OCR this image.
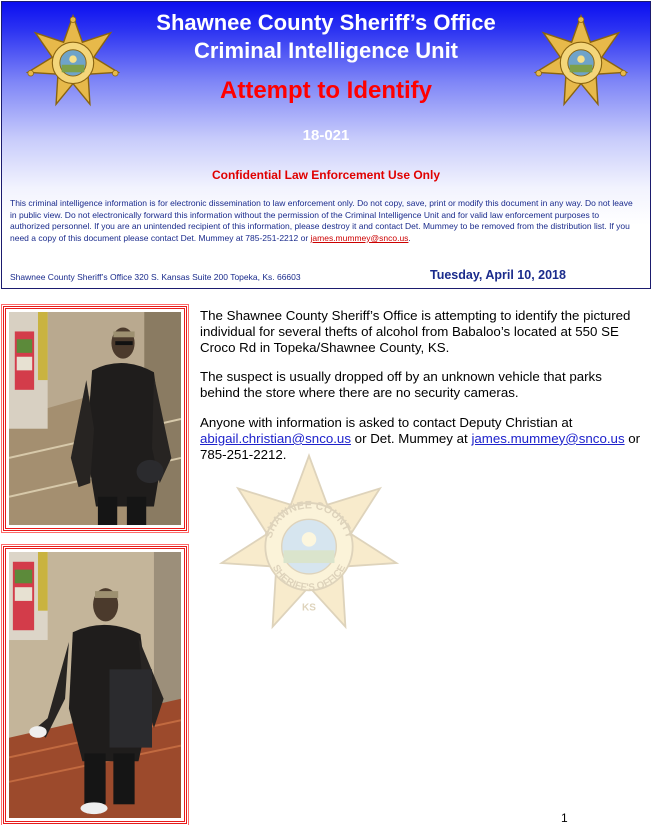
Shawnee County Sheriff’s Office
Criminal Intelligence Unit
Attempt to Identify
18-021
Confidential Law Enforcement Use Only
This criminal intelligence information is for electronic dissemination to law enforcement only. Do not copy, save, print or modify this document in any way. Do not leave in public view. Do not electronically forward this information without the permission of the Criminal Intelligence Unit and for valid law enforcement purposes to authorized personnel. If you are an unintended recipient of this information, please destroy it and contact Det. Mummey to be removed from the distribution list. If you need a copy of this document please contact Det. Mummey at 785-251-2212 or james.mummey@snco.us.
Shawnee County Sheriff’s Office 320 S. Kansas Suite 200 Topeka, Ks. 66603	Tuesday, April 10, 2018
SHAWNEE COUNTY
SHERIFF'S OFFICE
KS

The Shawnee County Sheriff’s Office is attempting to identify the pictured individual for several thefts of alcohol from Babaloo’s located at 550 SE Croco Rd in Topeka/Shawnee County, KS.

The suspect is usually dropped off by an unknown vehicle that parks behind the store where there are no security cameras.

Anyone with information is asked to contact Deputy Christian at abigail.christian@snco.us or Det. Mummey at james.mummey@snco.us or 785-251-2212.

1
